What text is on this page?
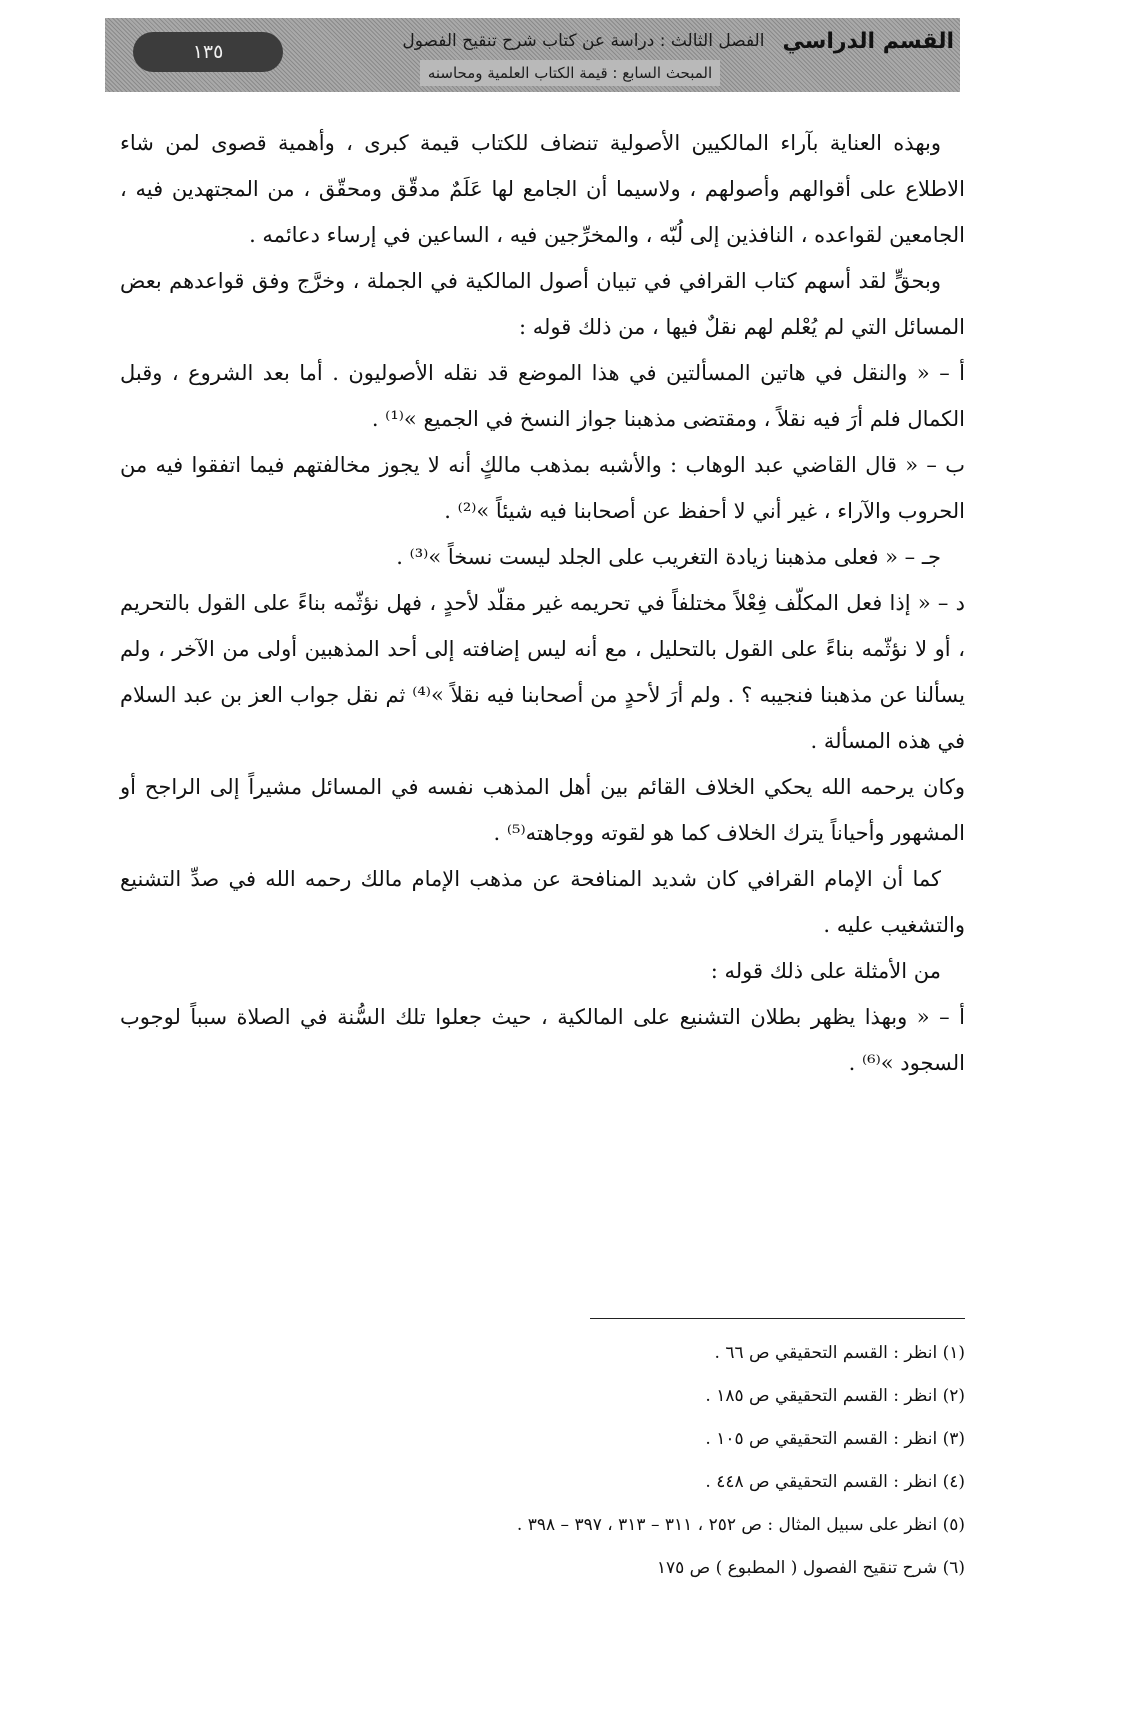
القسم الدراسي
الفصل الثالث : دراسة عن كتاب شرح تنقيح الفصول
المبحث السابع : قيمة الكتاب العلمية ومحاسنه
١٣٥

وبهذه العناية بآراء المالكيين الأصولية تنضاف للكتاب قيمة كبرى ، وأهمية قصوى لمن شاء الاطلاع على أقوالهم وأصولهم ، ولاسيما أن الجامع لها عَلَمٌ مدقّق ومحقّق ، من المجتهدين فيه ، الجامعين لقواعده ، النافذين إلى لُبّه ، والمخرِّجين فيه ، الساعين في إرساء دعائمه .

وبحقٍّ لقد أسهم كتاب القرافي في تبيان أصول المالكية في الجملة ، وخرَّج وفق قواعدهم بعض المسائل التي لم يُعْلم لهم نقلٌ فيها ، من ذلك قوله :

أ – « والنقل في هاتين المسألتين في هذا الموضع قد نقله الأصوليون . أما بعد الشروع ، وقبل الكمال فلم أرَ فيه نقلاً ، ومقتضى مذهبنا جواز النسخ في الجميع »⁽¹⁾ .

ب – « قال القاضي عبد الوهاب : والأشبه بمذهب مالكٍ أنه لا يجوز مخالفتهم فيما اتفقوا فيه من الحروب والآراء ، غير أني لا أحفظ عن أصحابنا فيه شيئاً »⁽²⁾ .

جـ – « فعلى مذهبنا زيادة التغريب على الجلد ليست نسخاً »⁽³⁾ .

د – « إذا فعل المكلّف فِعْلاً مختلفاً في تحريمه غير مقلّد لأحدٍ ، فهل نؤثّمه بناءً على القول بالتحريم ، أو لا نؤثّمه بناءً على القول بالتحليل ، مع أنه ليس إضافته إلى أحد المذهبين أولى من الآخر ، ولم يسألنا عن مذهبنا فنجيبه ؟ . ولم أرَ لأحدٍ من أصحابنا فيه نقلاً »⁽⁴⁾ ثم نقل جواب العز بن عبد السلام في هذه المسألة .

وكان يرحمه الله يحكي الخلاف القائم بين أهل المذهب نفسه في المسائل مشيراً إلى الراجح أو المشهور وأحياناً يترك الخلاف كما هو لقوته ووجاهته⁽⁵⁾ .

كما أن الإمام القرافي كان شديد المنافحة عن مذهب الإمام مالك رحمه الله في صدِّ التشنيع والتشغيب عليه .

من الأمثلة على ذلك قوله :

أ – « وبهذا يظهر بطلان التشنيع على المالكية ، حيث جعلوا تلك السُّنة في الصلاة سبباً لوجوب السجود »⁽⁶⁾ .

(١) انظر : القسم التحقيقي ص ٦٦ .
(٢) انظر : القسم التحقيقي ص ١٨٥ .
(٣) انظر : القسم التحقيقي ص ١٠٥ .
(٤) انظر : القسم التحقيقي ص ٤٤٨ .
(٥) انظر على سبيل المثال : ص ٢٥٢ ، ٣١١ – ٣١٣ ، ٣٩٧ – ٣٩٨ .
(٦) شرح تنقيح الفصول ( المطبوع ) ص ١٧٥
